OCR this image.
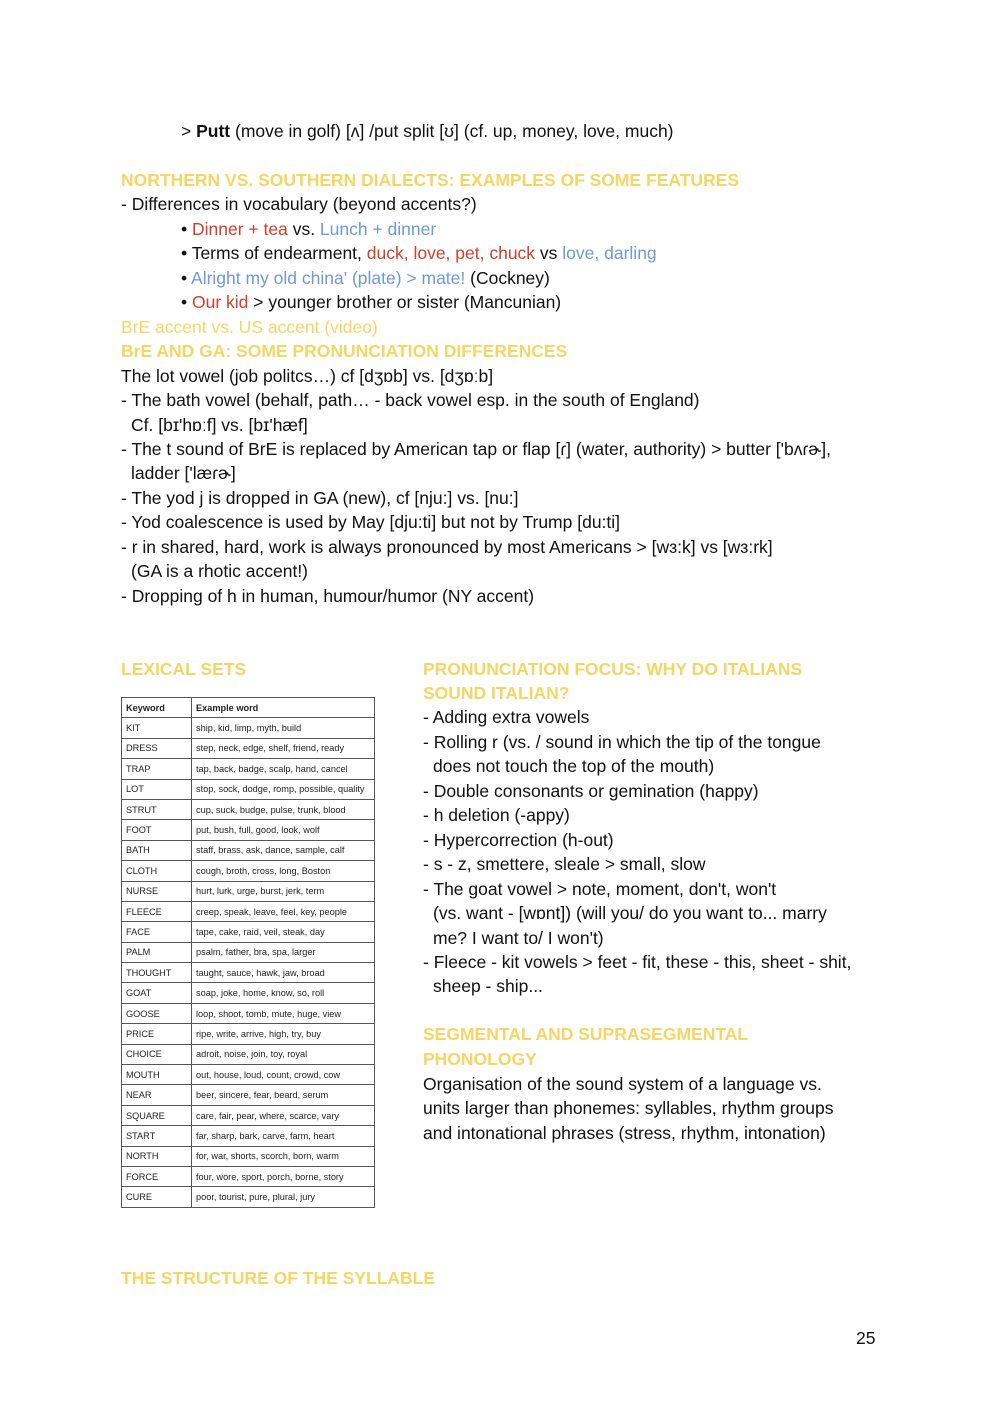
> Putt (move in golf) [ʌ] /put split [ʊ] (cf. up, money, love, much)
NORTHERN VS. SOUTHERN DIALECTS: EXAMPLES OF SOME FEATURES
- Differences in vocabulary (beyond accents?)
• Dinner + tea vs. Lunch + dinner
• Terms of endearment, duck, love, pet, chuck vs love, darling
• Alright my old china' (plate) > mate! (Cockney)
• Our kid > younger brother or sister (Mancunian)
BrE accent vs. US accent (video)
BrE AND GA: SOME PRONUNCIATION DIFFERENCES
The lot vowel (job politcs…) cf [dʒɒb] vs. [dʒɒːb]
- The bath vowel (behalf, path… - back vowel esp. in the south of England)
Cf. [bɪ'hɒːf] vs. [bɪ'hæf]
- The t sound of BrE is replaced by American tap or flap [ɾ] (water, authority) > butter ['bʌɾɚ],
ladder ['læɾɚ]
- The yod j is dropped in GA (new), cf [nju:] vs. [nu:]
- Yod coalescence is used by May [dju:ti] but not by Trump [du:ti]
- r in shared, hard, work is always pronounced by most Americans > [wɜ:k] vs [wɜ:rk]
(GA is a rhotic accent!)
- Dropping of h in human, humour/humor (NY accent)
LEXICAL SETS
Keyword	Example word
KIT	ship, kid, limp, myth, build
DRESS	step, neck, edge, shelf, friend, ready
TRAP	tap, back, badge, scalp, hand, cancel
LOT	stop, sock, dodge, romp, possible, quality
STRUT	cup, suck, budge, pulse, trunk, blood
FOOT	put, bush, full, good, look, wolf
BATH	staff, brass, ask, dance, sample, calf
CLOTH	cough, broth, cross, long, Boston
NURSE	hurt, lurk, urge, burst, jerk, term
FLEECE	creep, speak, leave, feel, key, people
FACE	tape, cake, raid, veil, steak, day
PALM	psalm, father, bra, spa, larger
THOUGHT	taught, sauce, hawk, jaw, broad
GOAT	soap, joke, home, know, so, roll
GOOSE	loop, shoot, tomb, mute, huge, view
PRICE	ripe, write, arrive, high, try, buy
CHOICE	adroit, noise, join, toy, royal
MOUTH	out, house, loud, count, crowd, cow
NEAR	beer, sincere, fear, beard, serum
SQUARE	care, fair, pear, where, scarce, vary
START	far, sharp, bark, carve, farm, heart
NORTH	for, war, shorts, scorch, born, warm
FORCE	four, wore, sport, porch, borne, story
CURE	poor, tourist, pure, plural, jury
PRONUNCIATION FOCUS: WHY DO ITALIANS
SOUND ITALIAN?
- Adding extra vowels
- Rolling r (vs. / sound in which the tip of the tongue
does not touch the top of the mouth)
- Double consonants or gemination (happy)
- h deletion (-appy)
- Hypercorrection (h-out)
- s - z, smettere, sleale > small, slow
- The goat vowel > note, moment, don't, won't
(vs. want - [wɒnt]) (will you/ do you want to... marry
me? I want to/ I won't)
- Fleece - kit vowels > feet - fit, these - this, sheet - shit,
sheep - ship...
SEGMENTAL AND SUPRASEGMENTAL
PHONOLOGY
Organisation of the sound system of a language vs.
units larger than phonemes: syllables, rhythm groups
and intonational phrases (stress, rhythm, intonation)
THE STRUCTURE OF THE SYLLABLE
25
